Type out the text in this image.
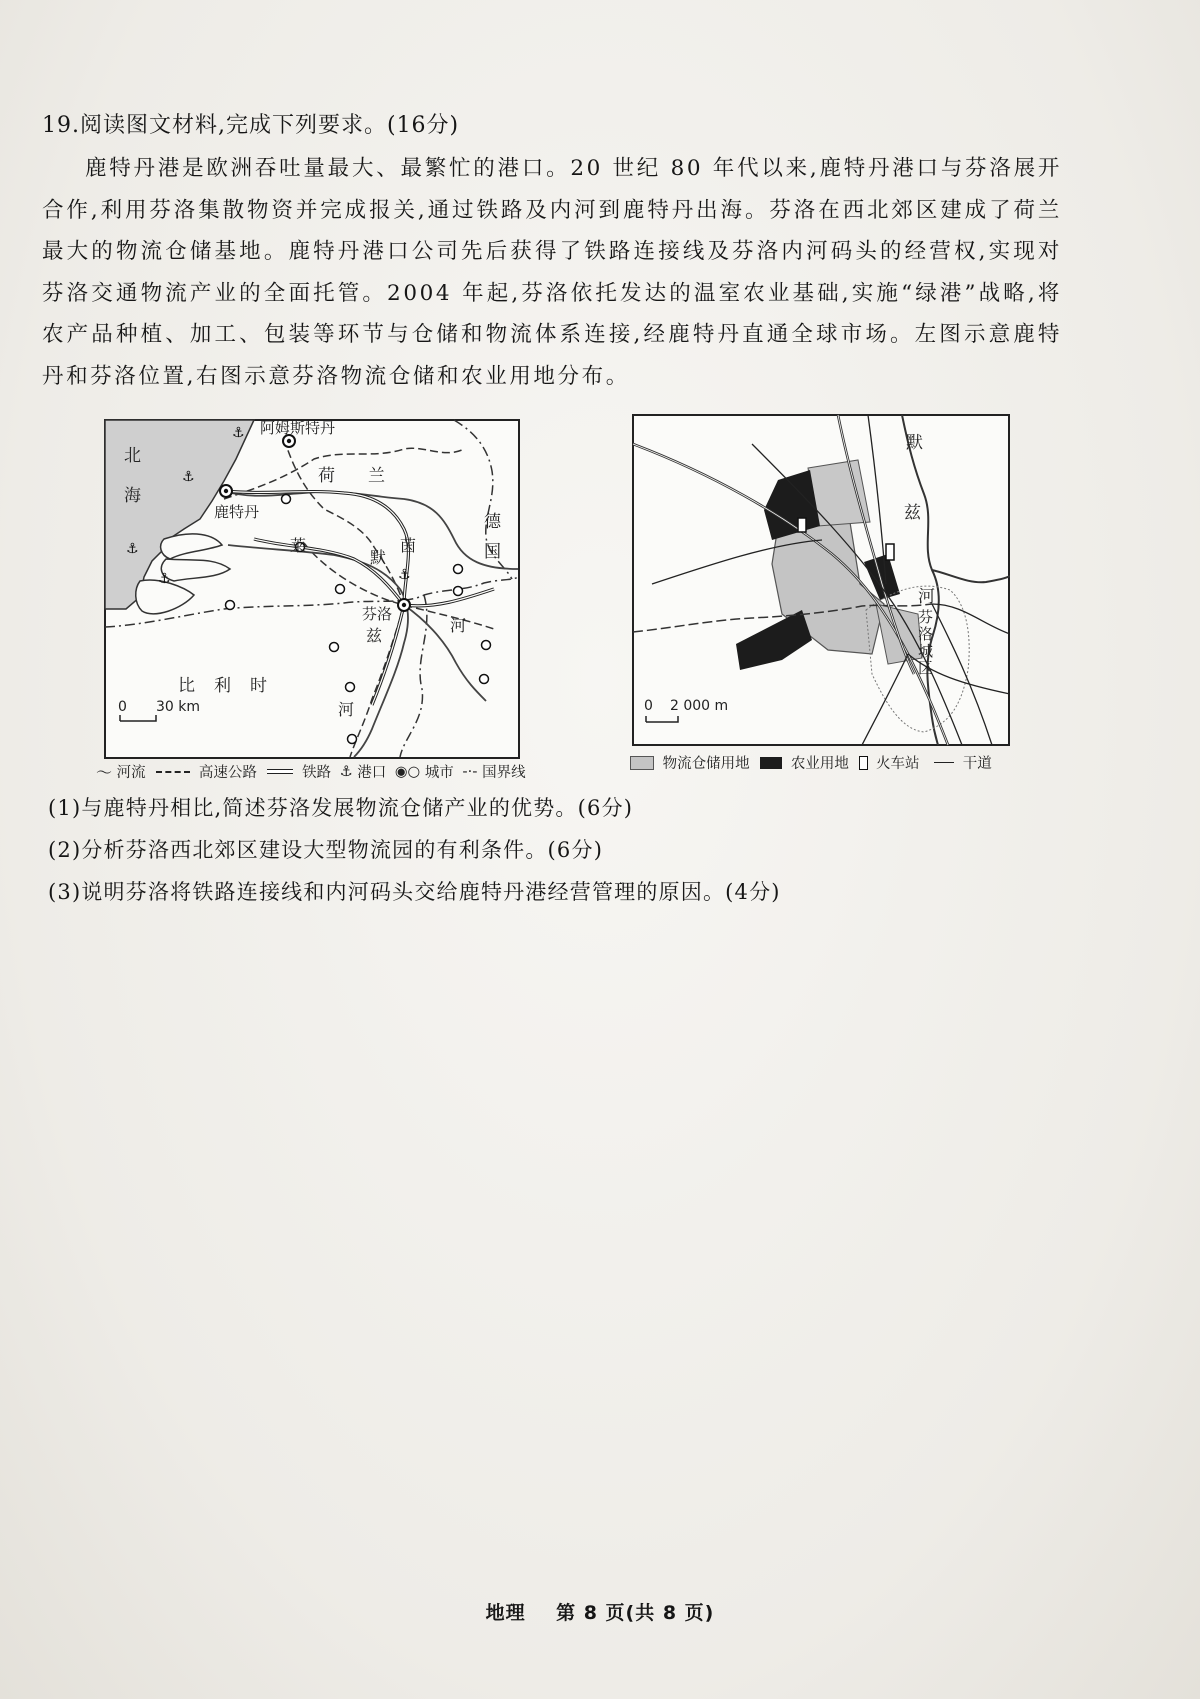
19.阅读图文材料,完成下列要求。(16分)

鹿特丹港是欧洲吞吐量最大、最繁忙的港口。20 世纪 80 年代以来,鹿特丹港口与芬洛展开合作,利用芬洛集散物资并完成报关,通过铁路及内河到鹿特丹出海。芬洛在西北郊区建成了荷兰最大的物流仓储基地。鹿特丹港口公司先后获得了铁路连接线及芬洛内河码头的经营权,实现对芬洛交通物流产业的全面托管。2004 年起,芬洛依托发达的温室农业基础,实施“绿港”战略,将农产品种植、加工、包装等环节与仓储和物流体系连接,经鹿特丹直通全球市场。左图示意鹿特丹和芬洛位置,右图示意芬洛物流仓储和农业用地分布。

⚓
⚓
⚓
⚓	⚓
北
海
阿姆斯特丹
荷 兰
鹿特丹	德
国
莱	茵
河
默
兹
河
芬洛
比 利 时
0 30 km
〜 河流	高速公路	铁路 ⚓ 港口 ◉○ 城市 -·- 国界线
默
兹
河
芬
洛
城
区
0 2 000 m
物流仓储用地	农业用地 火车站	干道
(1)与鹿特丹相比,简述芬洛发展物流仓储产业的优势。(6分)
(2)分析芬洛西北郊区建设大型物流园的有利条件。(6分)
(3)说明芬洛将铁路连接线和内河码头交给鹿特丹港经营管理的原因。(4分)
地理    第 8 页(共 8 页)
